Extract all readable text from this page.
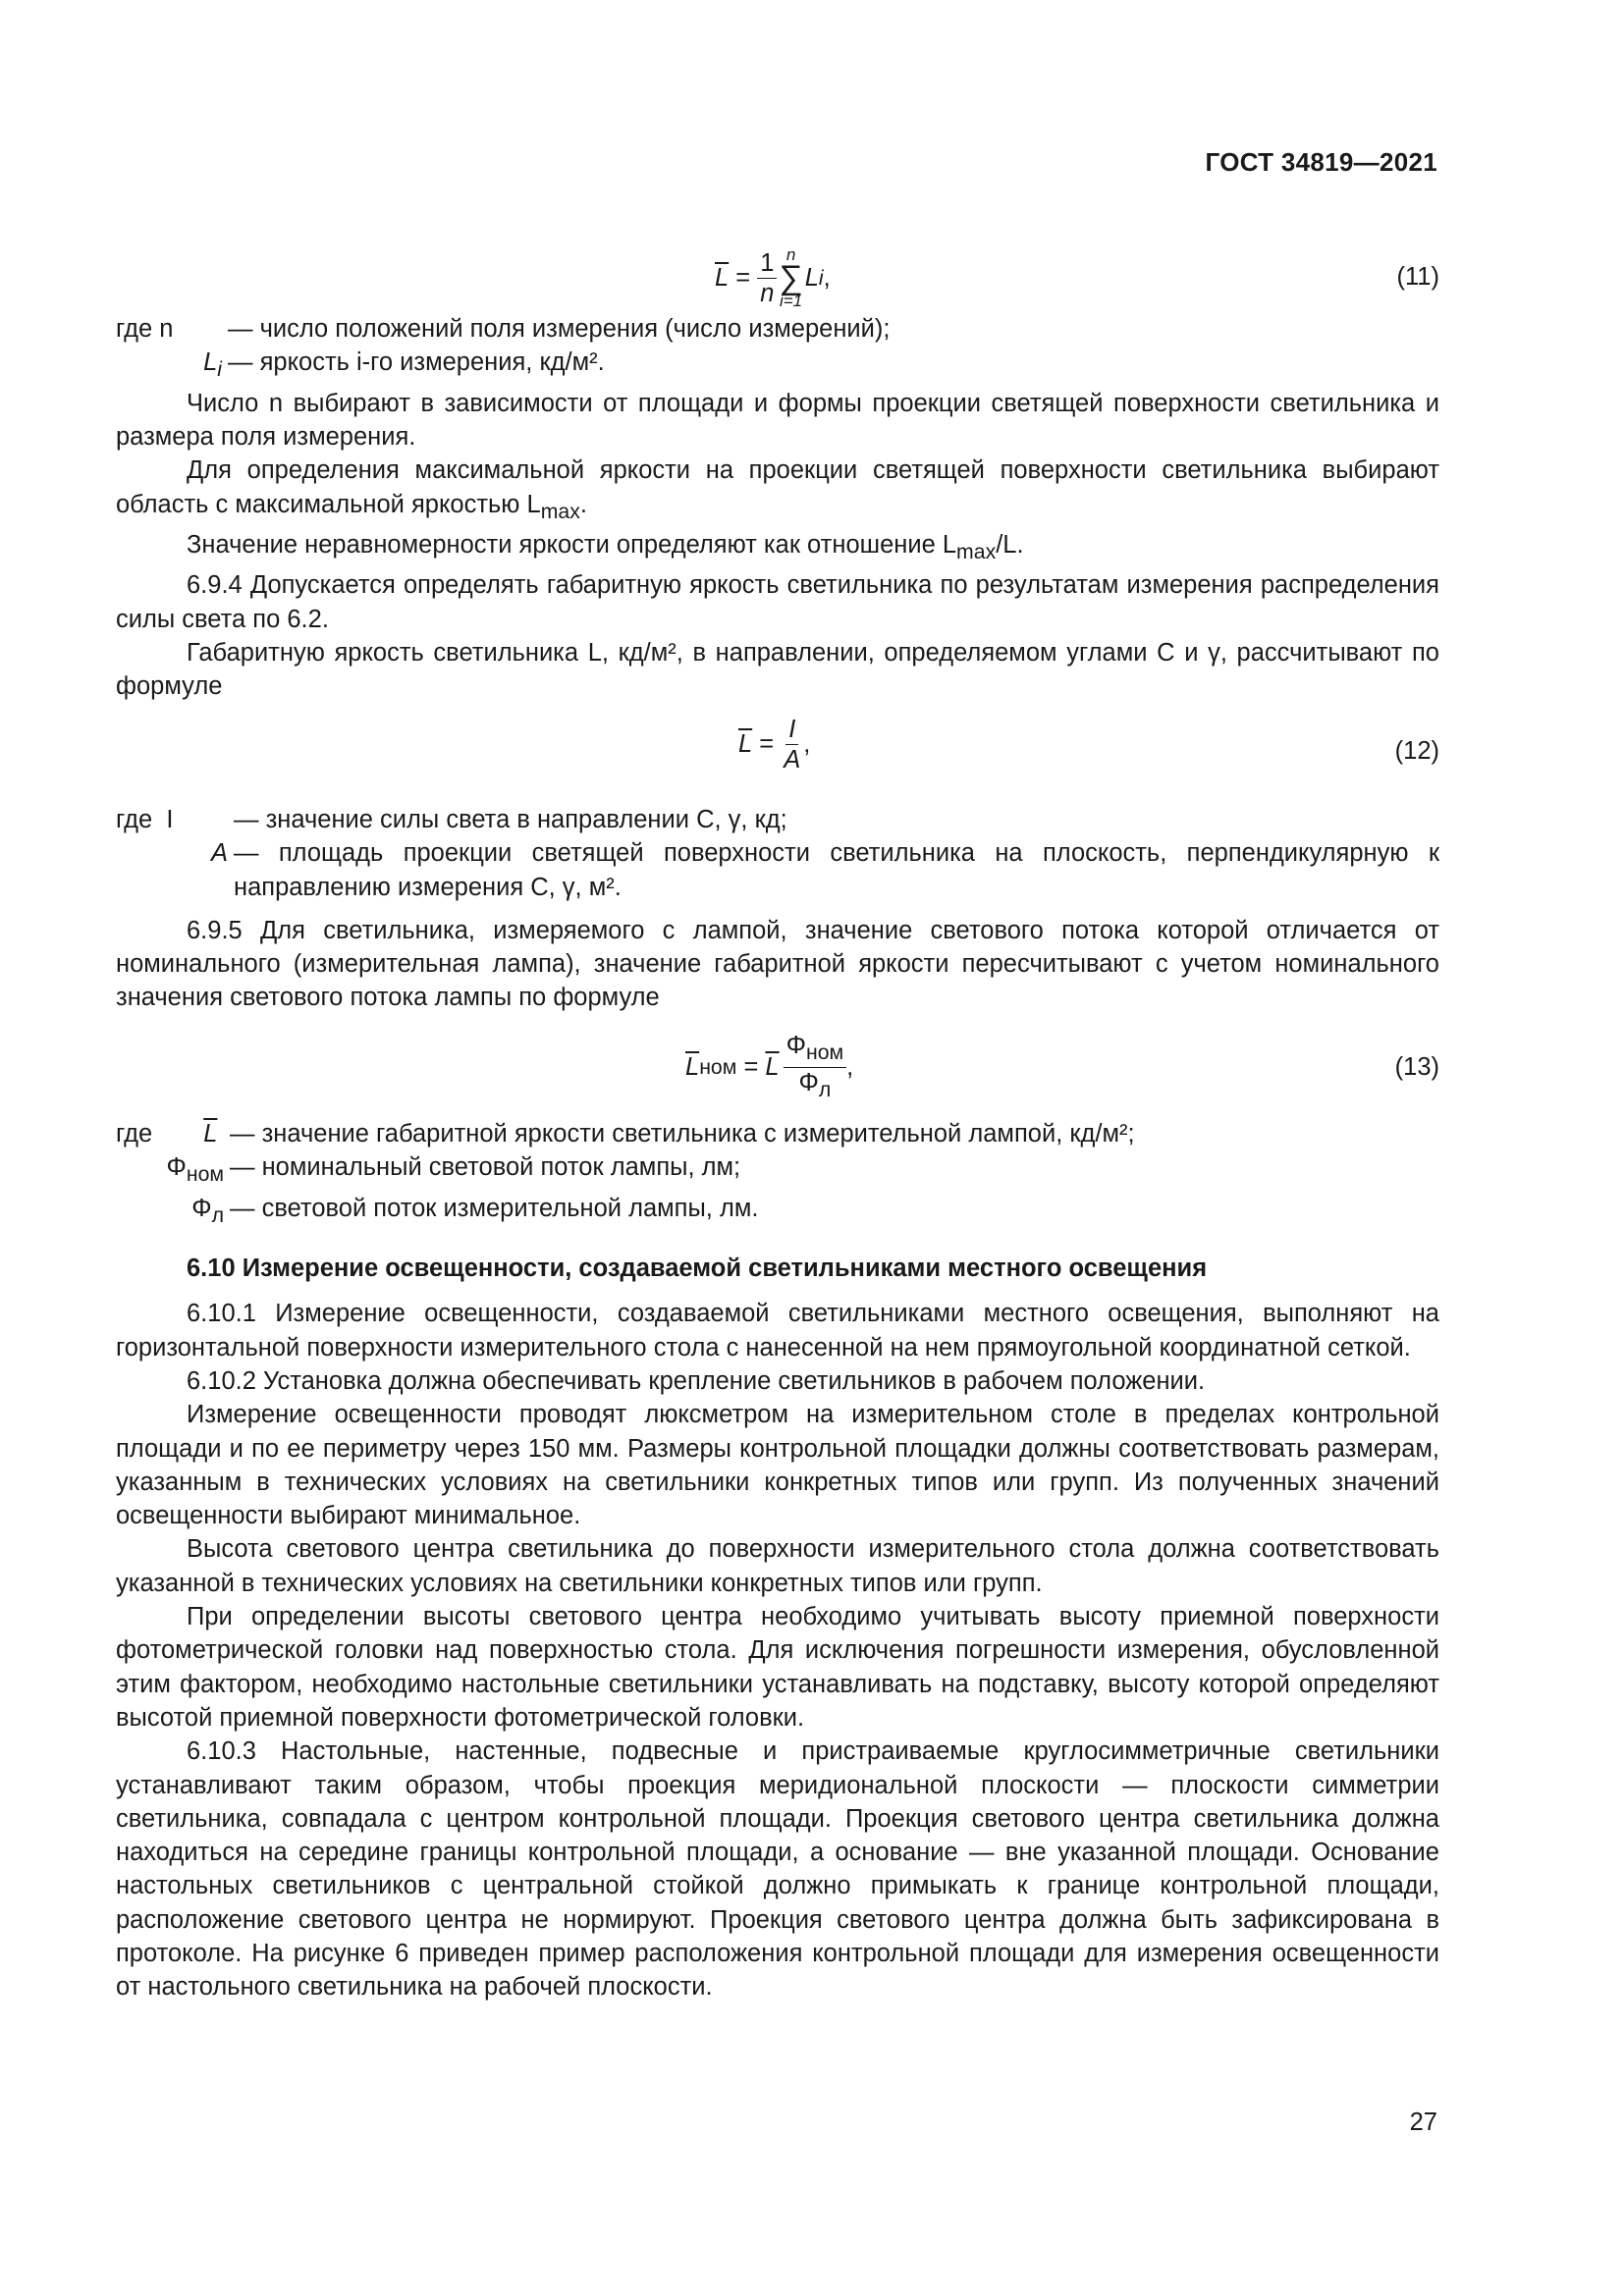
ГОСТ 34819—2021
$\overline{L} = \frac{1}{n}$ n
∑
i=1
L i ,	(11)
где n	— число положений поля измерения (число измерений);
$L_i$ — яркость i-го измерения, кд/м².

Число n выбирают в зависимости от площади и формы проекции светящей поверхности светильника и размера поля измерения.

Для определения максимальной яркости на проекции светящей поверхности светильника выбирают область с максимальной яркостью $L_{max}$.

Значение неравномерности яркости определяют как отношение $L_{max}/L$.

6.9.4 Допускается определять габаритную яркость светильника по результатам измерения распределения силы света по 6.2.

Габаритную яркость светильника L, кд/м², в направлении, определяемом углами C и γ, рассчитывают по формуле

$\overline{L} = \frac{I}{A}$ ,	(12)
где  I	— значение силы света в направлении C, γ, кд;
A — площадь проекции светящей поверхности светильника на плоскость, перпендикулярную к направлению измерения C, γ, м².

6.9.5 Для светильника, измеряемого с лампой, значение светового потока которой отличается от номинального (измерительная лампа), значение габаритной яркости пересчитывают с учетом номинального значения светового потока лампы по формуле

$\overline{L}$ ном = $\overline{L} \frac{\Phi_{ном}}{\Phi_л}$ ,	(13)
где $\overline{L}$ — значение габаритной яркости светильника с измерительной лампой, кд/м²;
$\Phi_{ном}$ — номинальный световой поток лампы, лм;
$\Phi_л$ — световой поток измерительной лампы, лм.

6.10 Измерение освещенности, создаваемой светильниками местного освещения

6.10.1 Измерение освещенности, создаваемой светильниками местного освещения, выполняют на горизонтальной поверхности измерительного стола с нанесенной на нем прямоугольной координатной сеткой.

6.10.2 Установка должна обеспечивать крепление светильников в рабочем положении.

Измерение освещенности проводят люксметром на измерительном столе в пределах контрольной площади и по ее периметру через 150 мм. Размеры контрольной площадки должны соответствовать размерам, указанным в технических условиях на светильники конкретных типов или групп. Из полученных значений освещенности выбирают минимальное.

Высота светового центра светильника до поверхности измерительного стола должна соответствовать указанной в технических условиях на светильники конкретных типов или групп.

При определении высоты светового центра необходимо учитывать высоту приемной поверхности фотометрической головки над поверхностью стола. Для исключения погрешности измерения, обусловленной этим фактором, необходимо настольные светильники устанавливать на подставку, высоту которой определяют высотой приемной поверхности фотометрической головки.

6.10.3 Настольные, настенные, подвесные и пристраиваемые круглосимметричные светильники устанавливают таким образом, чтобы проекция меридиональной плоскости — плоскости симметрии светильника, совпадала с центром контрольной площади. Проекция светового центра светильника должна находиться на середине границы контрольной площади, а основание — вне указанной площади. Основание настольных светильников с центральной стойкой должно примыкать к границе контрольной площади, расположение светового центра не нормируют. Проекция светового центра должна быть зафиксирована в протоколе. На рисунке 6 приведен пример расположения контрольной площади для измерения освещенности от настольного светильника на рабочей плоскости.

27
